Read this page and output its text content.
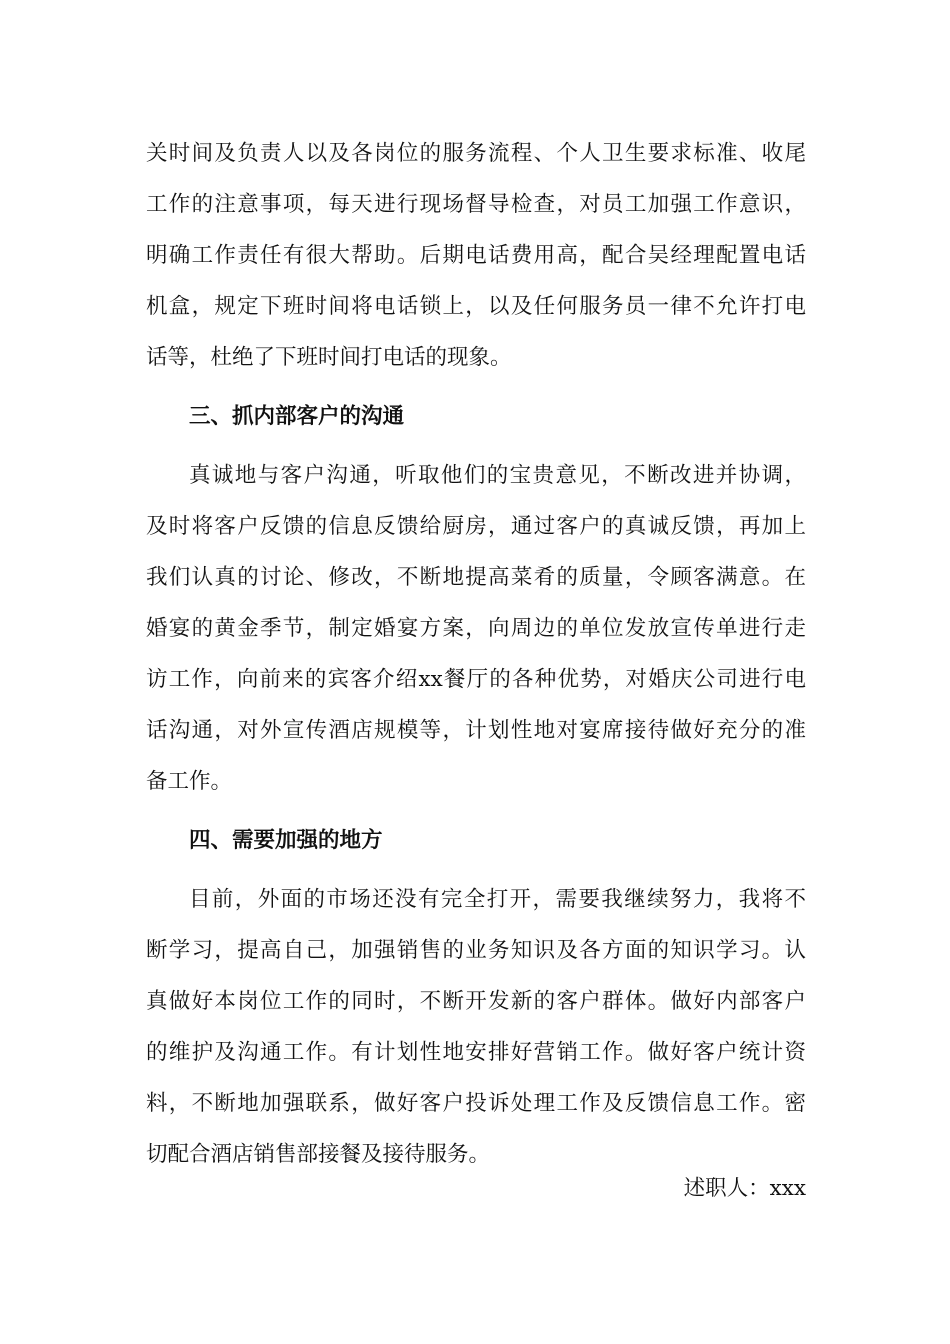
关时间及负责人以及各岗位的服务流程、个人卫生要求标准、收尾
工作的注意事项，每天进行现场督导检查，对员工加强工作意识，
明确工作责任有很大帮助。后期电话费用高，配合吴经理配置电话
机盒，规定下班时间将电话锁上，以及任何服务员一律不允许打电
话等，杜绝了下班时间打电话的现象。
三、抓内部客户的沟通
真诚地与客户沟通，听取他们的宝贵意见，不断改进并协调，
及时将客户反馈的信息反馈给厨房，通过客户的真诚反馈，再加上
我们认真的讨论、修改，不断地提高菜肴的质量，令顾客满意。在
婚宴的黄金季节，制定婚宴方案，向周边的单位发放宣传单进行走
访工作，向前来的宾客介绍xx餐厅的各种优势，对婚庆公司进行电
话沟通，对外宣传酒店规模等，计划性地对宴席接待做好充分的准
备工作。
四、需要加强的地方
目前，外面的市场还没有完全打开，需要我继续努力，我将不
断学习，提高自己，加强销售的业务知识及各方面的知识学习。认
真做好本岗位工作的同时，不断开发新的客户群体。做好内部客户
的维护及沟通工作。有计划性地安排好营销工作。做好客户统计资
料，不断地加强联系，做好客户投诉处理工作及反馈信息工作。密
切配合酒店销售部接餐及接待服务。
述职人：xxx
